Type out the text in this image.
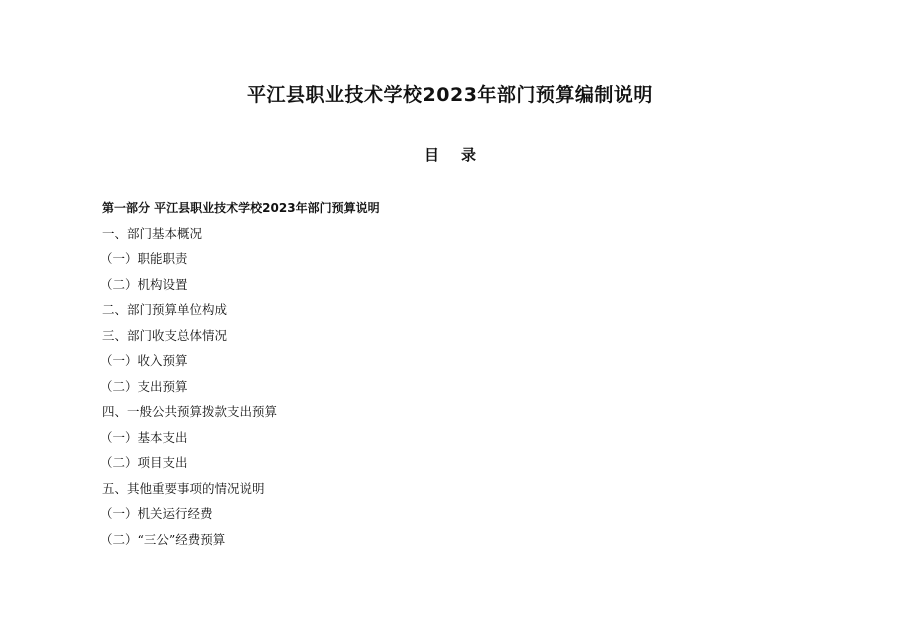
平江县职业技术学校2023年部门预算编制说明
目 录
第一部分 平江县职业技术学校2023年部门预算说明
一、部门基本概况
（一）职能职责
（二）机构设置
二、部门预算单位构成
三、部门收支总体情况
（一）收入预算
（二）支出预算
四、一般公共预算拨款支出预算
（一）基本支出
（二）项目支出
五、其他重要事项的情况说明
（一）机关运行经费
（二）“三公”经费预算
